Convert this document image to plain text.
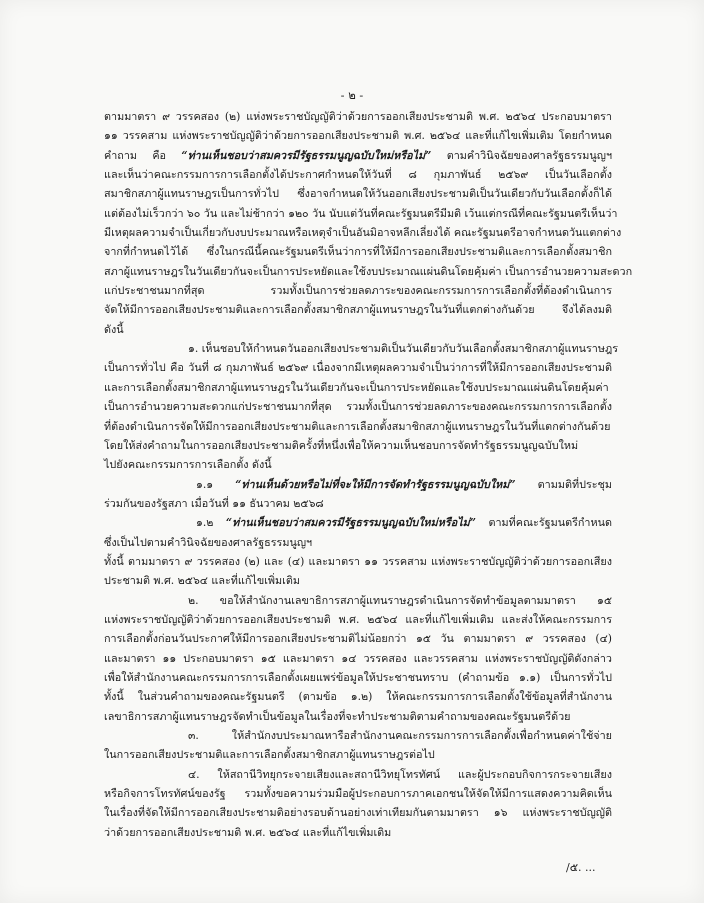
- ๒ -
ตามมาตรา ๙ วรรคสอง (๒) แห่งพระราชบัญญัติว่าด้วยการออกเสียงประชามติ พ.ศ. ๒๕๖๔ ประกอบมาตรา
๑๑ วรรคสาม แห่งพระราชบัญญัติว่าด้วยการออกเสียงประชามติ พ.ศ. ๒๕๖๔ และที่แก้ไขเพิ่มเติม โดยกำหนด
คำถาม คือ “ท่านเห็นชอบว่าสมควรมีรัฐธรรมนูญฉบับใหม่หรือไม่” ตามคำวินิจฉัยของศาลรัฐธรรมนูญฯ
และเห็นว่าคณะกรรมการการเลือกตั้งได้ประกาศกำหนดให้วันที่ ๘ กุมภาพันธ์ ๒๕๖๙ เป็นวันเลือกตั้ง
สมาชิกสภาผู้แทนราษฎรเป็นการทั่วไป ซึ่งอาจกำหนดให้วันออกเสียงประชามติเป็นวันเดียวกับวันเลือกตั้งก็ได้
แต่ต้องไม่เร็วกว่า ๖๐ วัน และไม่ช้ากว่า ๑๒๐ วัน นับแต่วันที่คณะรัฐมนตรีมีมติ เว้นแต่กรณีที่คณะรัฐมนตรีเห็นว่า
มีเหตุผลความจำเป็นเกี่ยวกับงบประมาณหรือเหตุจำเป็นอันมิอาจหลีกเลี่ยงได้ คณะรัฐมนตรีอาจกำหนดวันแตกต่าง
จากที่กำหนดไว้ได้ ซึ่งในกรณีนี้คณะรัฐมนตรีเห็นว่าการที่ให้มีการออกเสียงประชามติและการเลือกตั้งสมาชิก
สภาผู้แทนราษฎรในวันเดียวกันจะเป็นการประหยัดและใช้งบประมาณแผ่นดินโดยคุ้มค่า เป็นการอำนวยความสะดวก
แก่ประชาชนมากที่สุด รวมทั้งเป็นการช่วยลดภาระของคณะกรรมการการเลือกตั้งที่ต้องดำเนินการ
จัดให้มีการออกเสียงประชามติและการเลือกตั้งสมาชิกสภาผู้แทนราษฎรในวันที่แตกต่างกันด้วย จึงได้ลงมติ
ดังนี้
๑. เห็นชอบให้กำหนดวันออกเสียงประชามติเป็นวันเดียวกับวันเลือกตั้งสมาชิกสภาผู้แทนราษฎร
เป็นการทั่วไป คือ วันที่ ๘ กุมภาพันธ์ ๒๕๖๙ เนื่องจากมีเหตุผลความจำเป็นว่าการที่ให้มีการออกเสียงประชามติ
และการเลือกตั้งสมาชิกสภาผู้แทนราษฎรในวันเดียวกันจะเป็นการประหยัดและใช้งบประมาณแผ่นดินโดยคุ้มค่า
เป็นการอำนวยความสะดวกแก่ประชาชนมากที่สุด รวมทั้งเป็นการช่วยลดภาระของคณะกรรมการการเลือกตั้ง
ที่ต้องดำเนินการจัดให้มีการออกเสียงประชามติและการเลือกตั้งสมาชิกสภาผู้แทนราษฎรในวันที่แตกต่างกันด้วย
โดยให้ส่งคำถามในการออกเสียงประชามติครั้งที่หนึ่งเพื่อให้ความเห็นชอบการจัดทำรัฐธรรมนูญฉบับใหม่
ไปยังคณะกรรมการการเลือกตั้ง ดังนี้
๑.๑ “ท่านเห็นด้วยหรือไม่ที่จะให้มีการจัดทำรัฐธรรมนูญฉบับใหม่” ตามมติที่ประชุม
ร่วมกันของรัฐสภา เมื่อวันที่ ๑๑ ธันวาคม ๒๕๖๘
๑.๒ “ท่านเห็นชอบว่าสมควรมีรัฐธรรมนูญฉบับใหม่หรือไม่” ตามที่คณะรัฐมนตรีกำหนด
ซึ่งเป็นไปตามคำวินิจฉัยของศาลรัฐธรรมนูญฯ
ทั้งนี้ ตามมาตรา ๙ วรรคสอง (๒) และ (๔) และมาตรา ๑๑ วรรคสาม แห่งพระราชบัญญัติว่าด้วยการออกเสียง
ประชามติ พ.ศ. ๒๕๖๔ และที่แก้ไขเพิ่มเติม
๒. ขอให้สำนักงานเลขาธิการสภาผู้แทนราษฎรดำเนินการจัดทำข้อมูลตามมาตรา ๑๕
แห่งพระราชบัญญัติว่าด้วยการออกเสียงประชามติ พ.ศ. ๒๕๖๔ และที่แก้ไขเพิ่มเติม และส่งให้คณะกรรมการ
การเลือกตั้งก่อนวันประกาศให้มีการออกเสียงประชามติไม่น้อยกว่า ๑๕ วัน ตามมาตรา ๙ วรรคสอง (๔)
และมาตรา ๑๑ ประกอบมาตรา ๑๕ และมาตรา ๑๔ วรรคสอง และวรรคสาม แห่งพระราชบัญญัติดังกล่าว
เพื่อให้สำนักงานคณะกรรมการการเลือกตั้งเผยแพร่ข้อมูลให้ประชาชนทราบ (คำถามข้อ ๑.๑) เป็นการทั่วไป
ทั้งนี้ ในส่วนคำถามของคณะรัฐมนตรี (ตามข้อ ๑.๒) ให้คณะกรรมการการเลือกตั้งใช้ข้อมูลที่สำนักงาน
เลขาธิการสภาผู้แทนราษฎรจัดทำเป็นข้อมูลในเรื่องที่จะทำประชามติตามคำถามของคณะรัฐมนตรีด้วย
๓. ให้สำนักงบประมาณหารือสำนักงานคณะกรรมการการเลือกตั้งเพื่อกำหนดค่าใช้จ่าย
ในการออกเสียงประชามติและการเลือกตั้งสมาชิกสภาผู้แทนราษฎรต่อไป
๔. ให้สถานีวิทยุกระจายเสียงและสถานีวิทยุโทรทัศน์ และผู้ประกอบกิจการกระจายเสียง
หรือกิจการโทรทัศน์ของรัฐ รวมทั้งขอความร่วมมือผู้ประกอบการภาคเอกชนให้จัดให้มีการแสดงความคิดเห็น
ในเรื่องที่จัดให้มีการออกเสียงประชามติอย่างรอบด้านอย่างเท่าเทียมกันตามมาตรา ๑๖ แห่งพระราชบัญญัติ
ว่าด้วยการออกเสียงประชามติ พ.ศ. ๒๕๖๔ และที่แก้ไขเพิ่มเติม
/๕. ...
